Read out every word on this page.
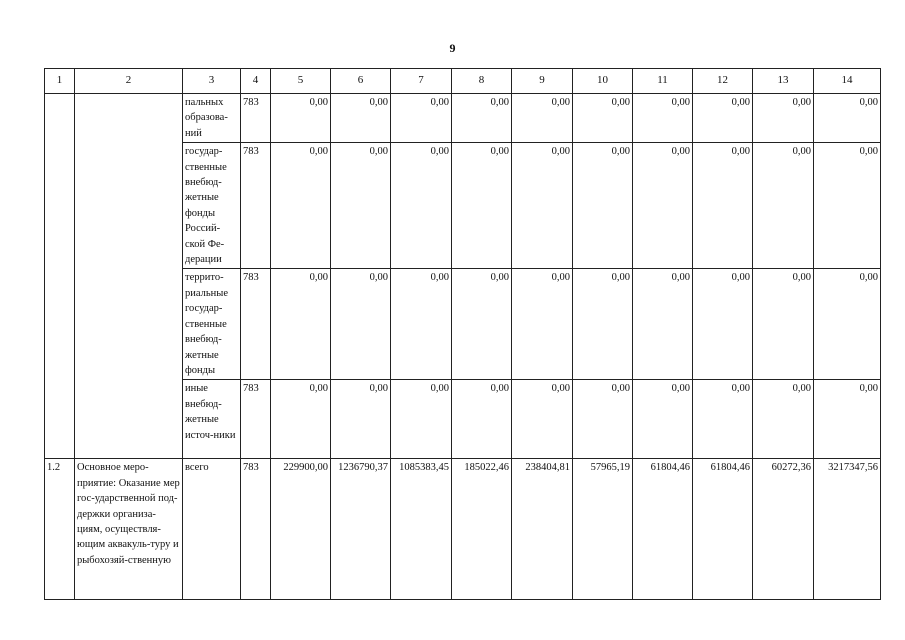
9
1	2	3	4	5	6	7	8	9	10	11	12	13	14
		пальных образова-ний	783	0,00	0,00	0,00	0,00	0,00	0,00	0,00	0,00	0,00	0,00
		государ-ственные внебюд-жетные фонды Россий-ской Фе-дерации	783	0,00	0,00	0,00	0,00	0,00	0,00	0,00	0,00	0,00	0,00
		террито-риальные государ-ственные внебюд-жетные фонды	783	0,00	0,00	0,00	0,00	0,00	0,00	0,00	0,00	0,00	0,00
		иные внебюд-жетные источ-ники	783	0,00	0,00	0,00	0,00	0,00	0,00	0,00	0,00	0,00	0,00
1.2	Основное меро-приятие: Оказание мер гос-ударственной под-держки организа-циям, осуществля-ющим аквакуль-туру и рыбохозяй-ственную	всего	783	229900,00	1236790,37	1085383,45	185022,46	238404,81	57965,19	61804,46	61804,46	60272,36	3217347,56
